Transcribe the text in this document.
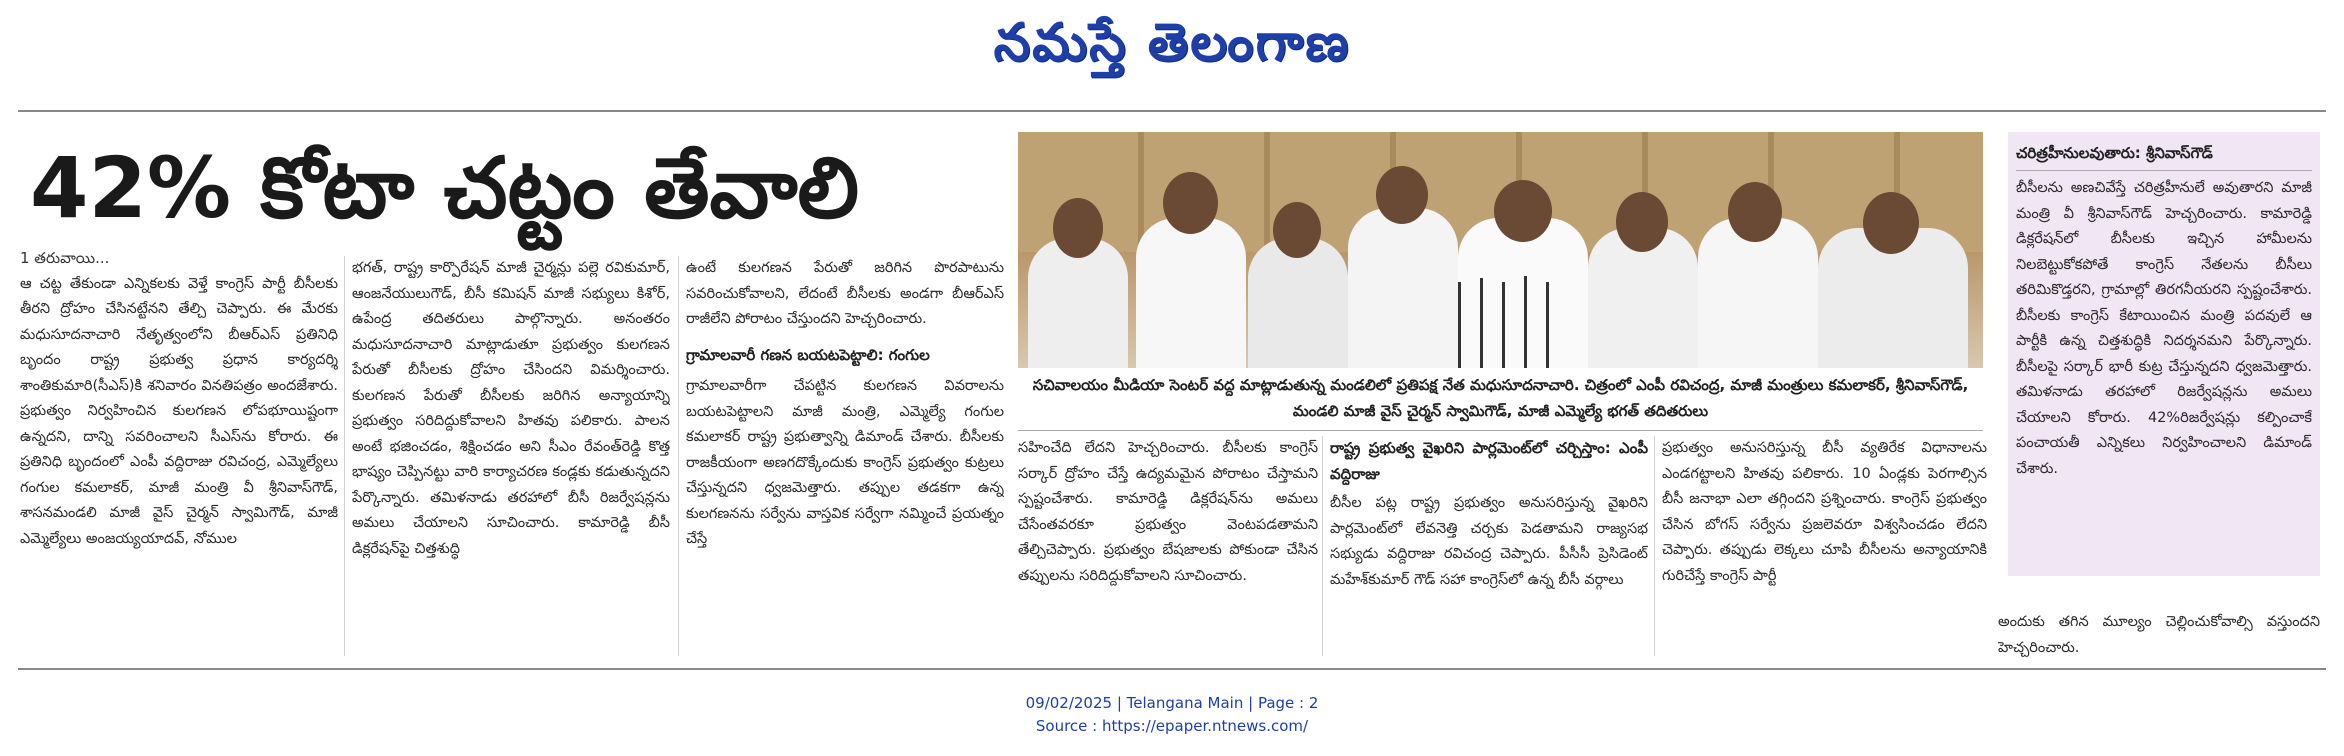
నమస్తే తెలంగాణ
42% కోటా చట్టం తేవాలి

1 తరువాయి...

ఆ చట్ట తేకుండా ఎన్నికలకు వెళ్తే కాంగ్రెస్ పార్టీ బీసీలకు తీరని ద్రోహం చేసినట్టేనని తేల్చి చెప్పారు. ఈ మేరకు మధుసూదనాచారి నేతృత్వంలోని బీఆర్ఎస్ ప్రతినిధి బృందం రాష్ట్ర ప్రభుత్వ ప్రధాన కార్యదర్శి శాంతికుమారి(సీఎస్)కి శనివారం వినతిపత్రం అందజేశారు. ప్రభుత్వం నిర్వహించిన కులగణన లోపభూయిష్టంగా ఉన్నదని, దాన్ని సవరించాలని సీఎస్‌ను కోరారు. ఈ ప్రతినిధి బృందంలో ఎంపీ వద్దిరాజు రవిచంద్ర, ఎమ్మెల్యేలు గంగుల కమలాకర్, మాజీ మంత్రి వీ శ్రీనివాస్‌గౌడ్, శాసనమండలి మాజీ వైస్ చైర్మన్ స్వామిగౌడ్, మాజీ ఎమ్మెల్యేలు అంజయ్యయాదవ్, నోముల

భగత్, రాష్ట్ర కార్పొరేషన్ మాజీ చైర్మన్లు పల్లె రవికుమార్, ఆంజనేయులుగౌడ్, బీసీ కమిషన్ మాజీ సభ్యులు కిశోర్, ఉపేంద్ర తదితరులు పాల్గొన్నారు. అనంతరం మధుసూదనాచారి మాట్లాడుతూ ప్రభుత్వం కులగణన పేరుతో బీసీలకు ద్రోహం చేసిందని విమర్శించారు. కులగణన పేరుతో బీసీలకు జరిగిన అన్యాయాన్ని ప్రభుత్వం సరిదిద్దుకోవాలని హితవు పలికారు. పాలన అంటే భజించడం, శిక్షించడం అని సీఎం రేవంత్‌రెడ్డి కొత్త భాష్యం చెప్పినట్టు వారి కార్యాచరణ కండ్లకు కడుతున్నదని పేర్కొన్నారు. తమిళనాడు తరహాలో బీసీ రిజర్వేషన్లను అమలు చేయాలని సూచించారు. కామారెడ్డి బీసీ డిక్లరేషన్‌పై చిత్తశుద్ధి

ఉంటే కులగణన పేరుతో జరిగిన పొరపాటును సవరించుకోవాలని, లేదంటే బీసీలకు అండగా బీఆర్ఎస్ రాజీలేని పోరాటం చేస్తుందని హెచ్చరించారు.

గ్రామాలవారీ గణన బయటపెట్టాలి: గంగుల

గ్రామాలవారీగా చేపట్టిన కులగణన వివరాలను బయటపెట్టాలని మాజీ మంత్రి, ఎమ్మెల్యే గంగుల కమలాకర్ రాష్ట్ర ప్రభుత్వాన్ని డిమాండ్ చేశారు. బీసీలకు రాజకీయంగా అణగదొక్కేందుకు కాంగ్రెస్ ప్రభుత్వం కుట్రలు చేస్తున్నదని ధ్వజమెత్తారు. తప్పుల తడకగా ఉన్న కులగణనను సర్వేను వాస్తవిక సర్వేగా నమ్మించే ప్రయత్నం చేస్తే

సచివాలయం మీడియా సెంటర్ వద్ద మాట్లాడుతున్న మండలిలో ప్రతిపక్ష నేత మధుసూదనాచారి. చిత్రంలో ఎంపీ రవిచంద్ర, మాజీ మంత్రులు కమలాకర్, శ్రీనివాస్‌గౌడ్, మండలి మాజీ వైస్ చైర్మన్ స్వామిగౌడ్, మాజీ ఎమ్మెల్యే భగత్ తదితరులు

సహించేది లేదని హెచ్చరించారు. బీసీలకు కాంగ్రెస్ సర్కార్ ద్రోహం చేస్తే ఉద్యమమైన పోరాటం చేస్తామని స్పష్టంచేశారు. కామారెడ్డి డిక్లరేషన్‌ను అమలు చేసేంతవరకూ ప్రభుత్వం వెంటపడతామని తేల్చిచెప్పారు. ప్రభుత్వం బేషజాలకు పోకుండా చేసిన తప్పులను సరిదిద్దుకోవాలని సూచించారు.

రాష్ట్ర ప్రభుత్వ వైఖరిని పార్లమెంట్‌లో చర్చిస్తాం: ఎంపీ వద్దిరాజు

బీసీల పట్ల రాష్ట్ర ప్రభుత్వం అనుసరిస్తున్న వైఖరిని పార్లమెంట్‌లో లేవనెత్తి చర్చకు పెడతామని రాజ్యసభ సభ్యుడు వద్దిరాజు రవిచంద్ర చెప్పారు. పీసీసీ ప్రెసిడెంట్ మహేశ్‌కుమార్ గౌడ్ సహా కాంగ్రెస్‌లో ఉన్న బీసీ వర్గాలు

ప్రభుత్వం అనుసరిస్తున్న బీసీ వ్యతిరేక విధానాలను ఎండగట్టాలని హితవు పలికారు. 10 ఏండ్లకు పెరగాల్సిన బీసీ జనాభా ఎలా తగ్గిందని ప్రశ్నించారు. కాంగ్రెస్ ప్రభుత్వం చేసిన బోగస్ సర్వేను ప్రజలెవరూ విశ్వసించడం లేదని చెప్పారు. తప్పుడు లెక్కలు చూపి బీసీలను అన్యాయానికి గురిచేస్తే కాంగ్రెస్ పార్టీ

చరిత్రహీనులవుతారు: శ్రీనివాస్‌గౌడ్

బీసీలను అణచివేస్తే చరిత్రహీనులే అవుతారని మాజీ మంత్రి వీ శ్రీనివాస్‌గౌడ్ హెచ్చరించారు. కామారెడ్డి డిక్లరేషన్‌లో బీసీలకు ఇచ్చిన హామీలను నిలబెట్టుకోకపోతే కాంగ్రెస్ నేతలను బీసీలు తరిమికొడ్తరని, గ్రామాల్లో తిరగనీయరని స్పష్టంచేశారు. బీసీలకు కాంగ్రెస్ కేటాయించిన మంత్రి పదవులే ఆ పార్టీకి ఉన్న చిత్తశుద్ధికి నిదర్శనమని పేర్కొన్నారు. బీసీలపై సర్కార్ భారీ కుట్ర చేస్తున్నదని ధ్వజమెత్తారు. తమిళనాడు తరహాలో రిజర్వేషన్లను అమలు చేయాలని కోరారు. 42%రిజర్వేషన్లు కల్పించాకే పంచాయతీ ఎన్నికలు నిర్వహించాలని డిమాండ్ చేశారు.

అందుకు తగిన మూల్యం చెల్లించుకోవాల్సి వస్తుందని హెచ్చరించారు.

09/02/2025 | Telangana Main | Page : 2
Source : https://epaper.ntnews.com/
